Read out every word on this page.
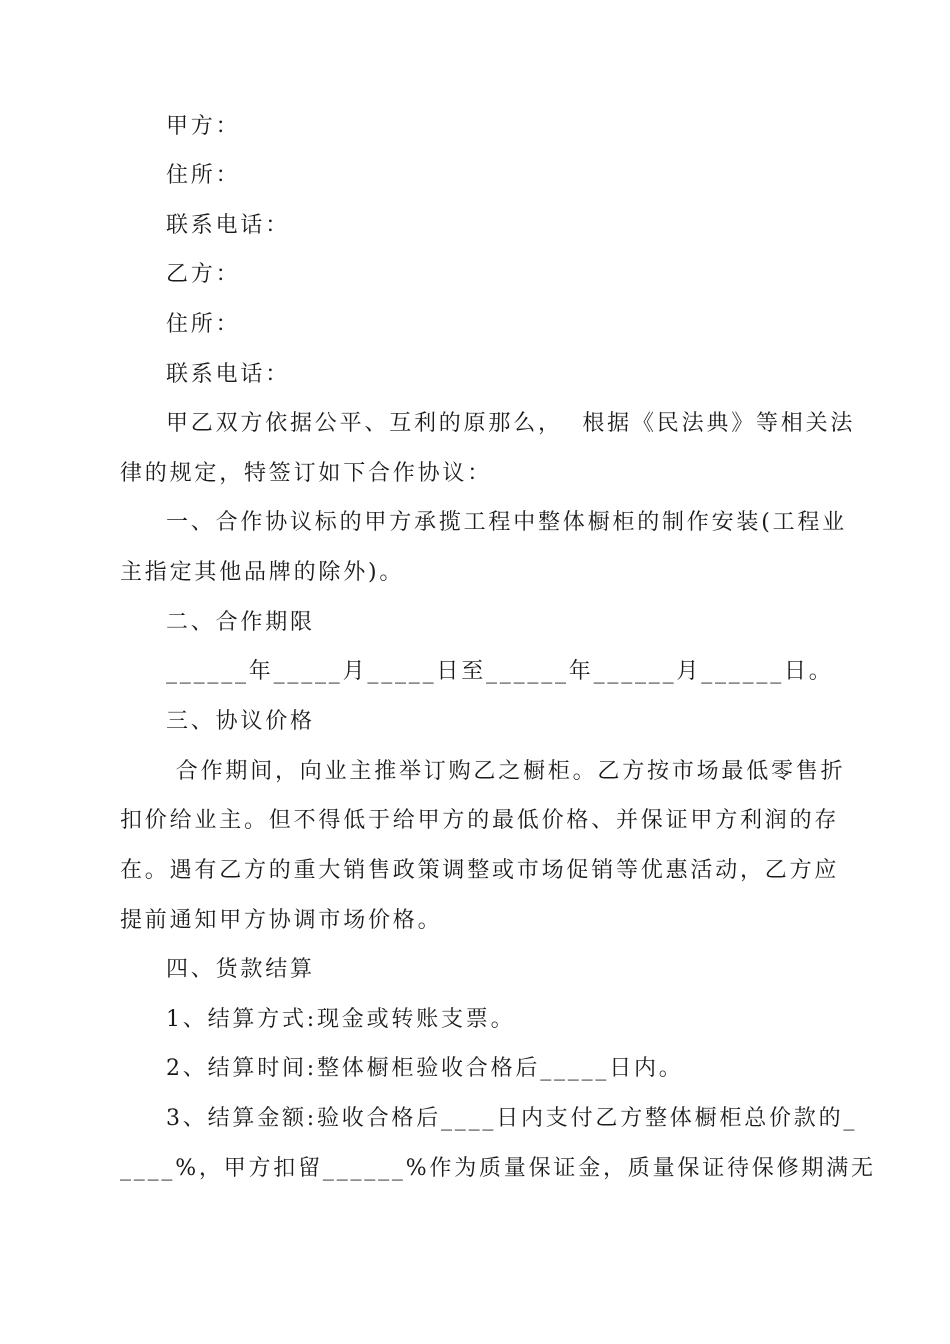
甲方：
住所：
联系电话：
乙方：
住所：
联系电话：
甲乙双方依据公平、互利的原那么，  根据《民法典》等相关法
律的规定，特签订如下合作协议：
一、合作协议标的甲方承揽工程中整体橱柜的制作安装(工程业
主指定其他品牌的除外)。
二、合作期限
______年_____月_____日至______年______月______日。
三、协议价格
合作期间，向业主推举订购乙之橱柜。乙方按市场最低零售折
扣价给业主。但不得低于给甲方的最低价格、并保证甲方利润的存
在。遇有乙方的重大销售政策调整或市场促销等优惠活动，乙方应
提前通知甲方协调市场价格。
四、货款结算
1、结算方式:现金或转账支票。
2、结算时间:整体橱柜验收合格后_____日内。
3、结算金额:验收合格后____日内支付乙方整体橱柜总价款的_
____%，甲方扣留______%作为质量保证金，质量保证待保修期满无
